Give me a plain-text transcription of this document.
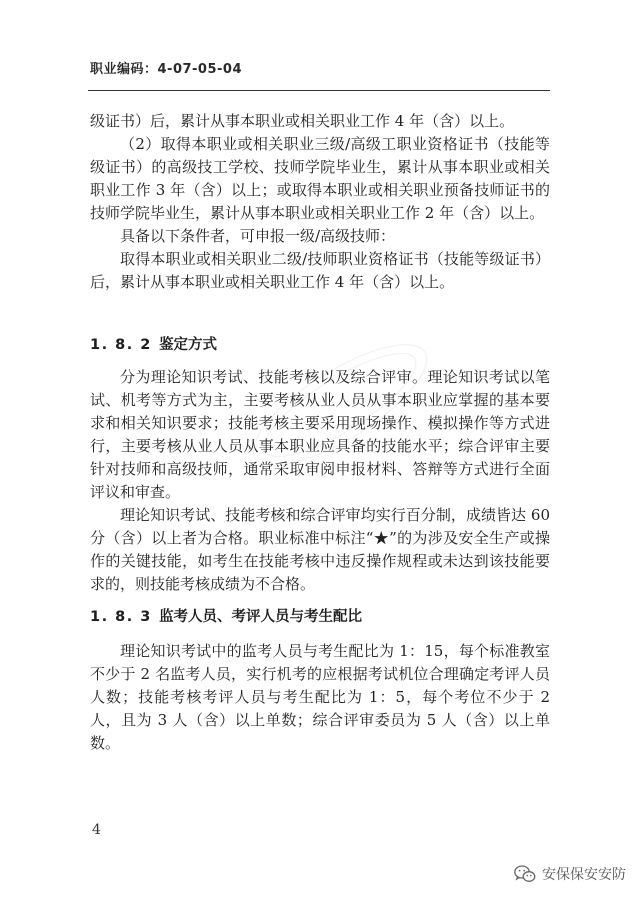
职业编码：4-07-05-04

级证书）后，累计从事本职业或相关职业工作 4 年（含）以上。

（2）取得本职业或相关职业三级/高级工职业资格证书（技能等级证书）的高级技工学校、技师学院毕业生，累计从事本职业或相关职业工作 3 年（含）以上；或取得本职业或相关职业预备技师证书的技师学院毕业生，累计从事本职业或相关职业工作 2 年（含）以上。

具备以下条件者，可申报一级/高级技师：

取得本职业或相关职业二级/技师职业资格证书（技能等级证书）后，累计从事本职业或相关职业工作 4 年（含）以上。

1. 8. 2 鉴定方式

分为理论知识考试、技能考核以及综合评审。理论知识考试以笔试、机考等方式为主，主要考核从业人员从事本职业应掌握的基本要求和相关知识要求；技能考核主要采用现场操作、模拟操作等方式进行，主要考核从业人员从事本职业应具备的技能水平；综合评审主要针对技师和高级技师，通常采取审阅申报材料、答辩等方式进行全面评议和审查。

理论知识考试、技能考核和综合评审均实行百分制，成绩皆达 60 分（含）以上者为合格。职业标准中标注“★”的为涉及安全生产或操作的关键技能，如考生在技能考核中违反操作规程或未达到该技能要求的，则技能考核成绩为不合格。

1. 8. 3 监考人员、考评人员与考生配比

理论知识考试中的监考人员与考生配比为 1：15，每个标准教室不少于 2 名监考人员，实行机考的应根据考试机位合理确定考评人员人数；技能考核考评人员与考生配比为 1：5，每个考位不少于 2 人，且为 3 人（含）以上单数；综合评审委员为 5 人（含）以上单数。

4
安保保安安防
